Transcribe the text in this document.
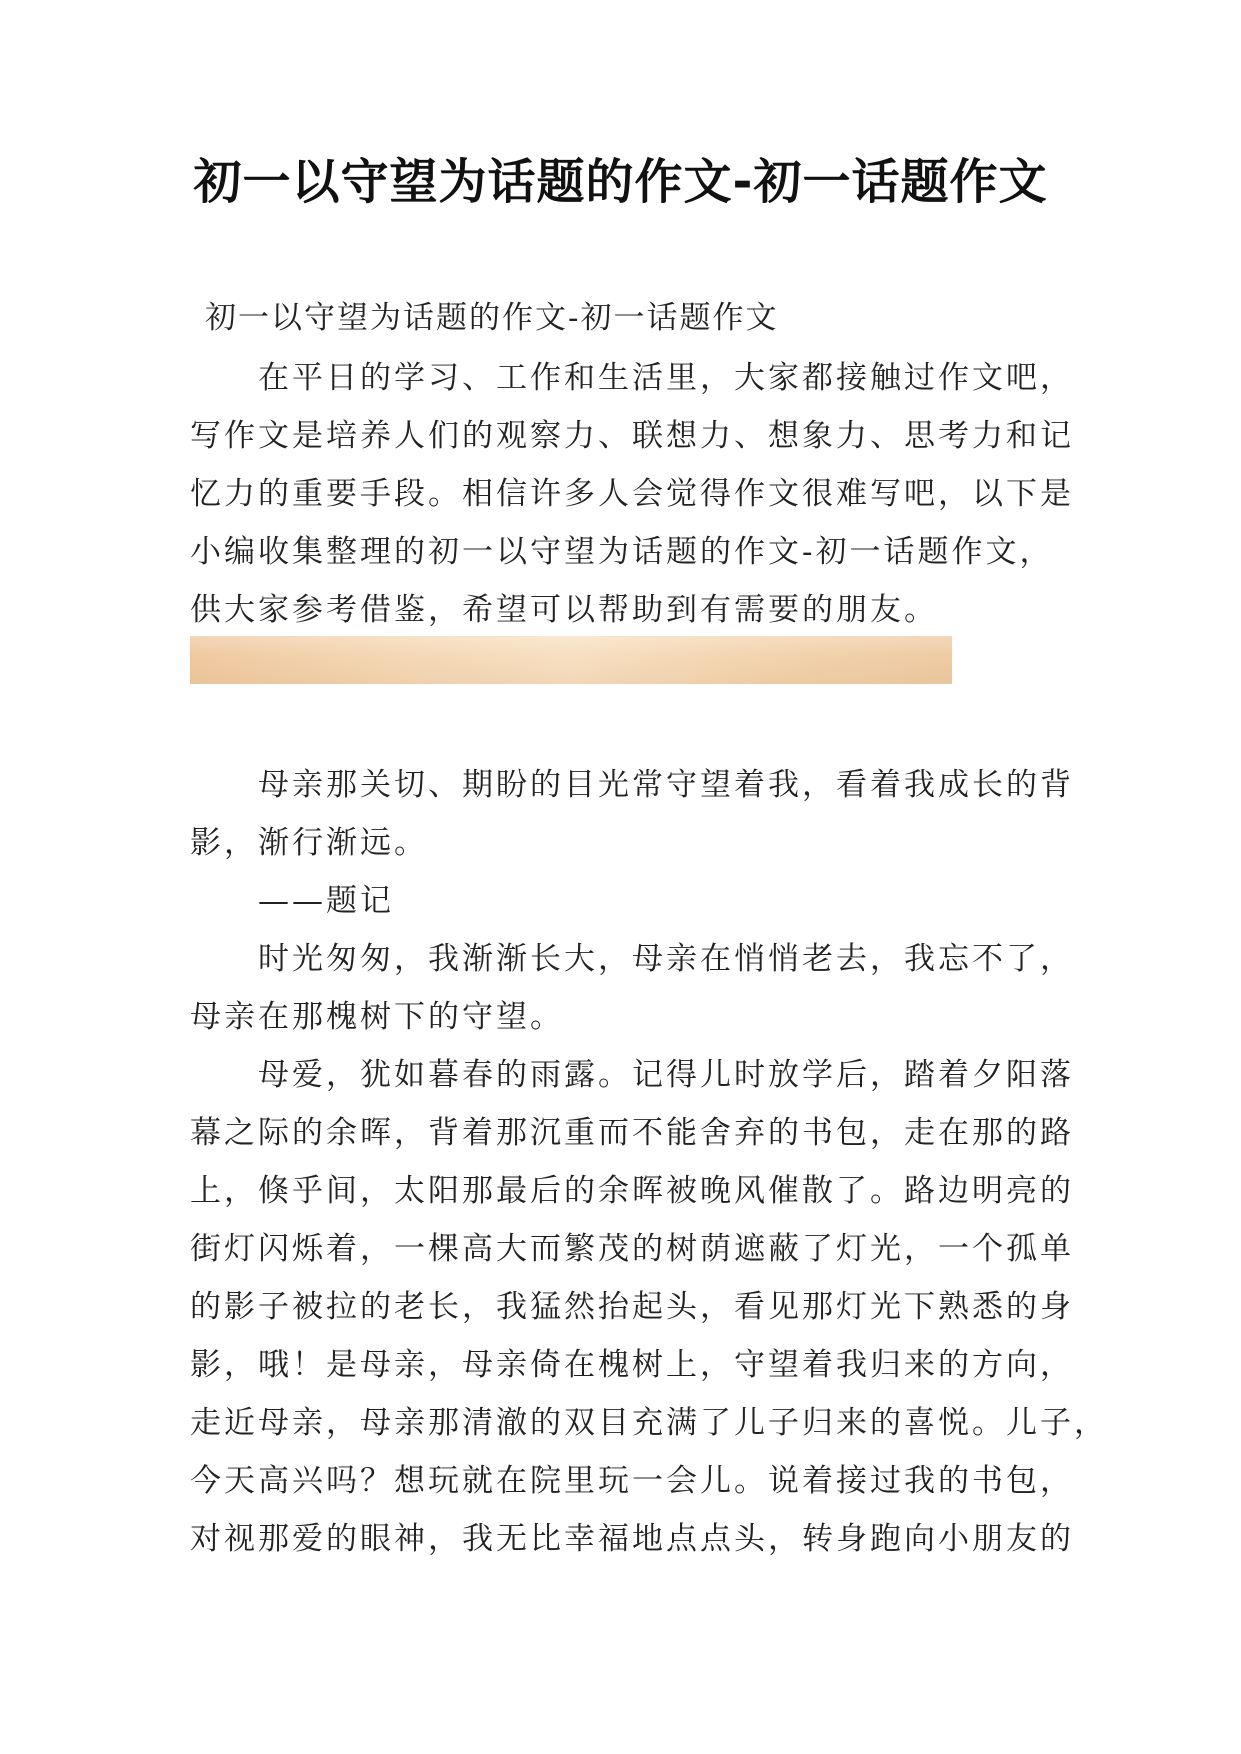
初一以守望为话题的作文-初一话题作文

初一以守望为话题的作文-初一话题作文

在平日的学习、工作和生活里，大家都接触过作文吧，

写作文是培养人们的观察力、联想力、想象力、思考力和记

忆力的重要手段。相信许多人会觉得作文很难写吧，以下是

小编收集整理的初一以守望为话题的作文-初一话题作文，

供大家参考借鉴，希望可以帮助到有需要的朋友。

母亲那关切、期盼的目光常守望着我，看着我成长的背

影，渐行渐远。

——题记

时光匆匆，我渐渐长大，母亲在悄悄老去，我忘不了，

母亲在那槐树下的守望。

母爱，犹如暮春的雨露。记得儿时放学后，踏着夕阳落

幕之际的余晖，背着那沉重而不能舍弃的书包，走在那的路

上，倏乎间，太阳那最后的余晖被晚风催散了。路边明亮的

街灯闪烁着，一棵高大而繁茂的树荫遮蔽了灯光，一个孤单

的影子被拉的老长，我猛然抬起头，看见那灯光下熟悉的身

影，哦！是母亲，母亲倚在槐树上，守望着我归来的方向，

走近母亲，母亲那清澈的双目充满了儿子归来的喜悦。儿子，

今天高兴吗？想玩就在院里玩一会儿。说着接过我的书包，

对视那爱的眼神，我无比幸福地点点头，转身跑向小朋友的
